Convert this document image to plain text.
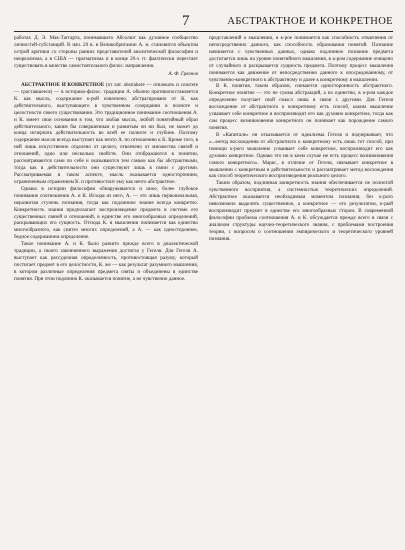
7	АБСТРАКТНОЕ И КОНКРЕТНОЕ

работах Д. Э. Мак-Таггарта, понимавшего Абсолют как духовное сообщество личностей-субстанций. В нач. 20 в. в Великобритании А. н. становится объектом острой критики со стороны ранних представителей аналитической философии и неореализма, а в США — прагматизма и в конце 20-х гг. фактически перестает существовать в качестве самостоятельного филос. направления.

А. Ф. Грязнов

АБСТРАКТНОЕ И КОНКРЕТНОЕ (от лат. abstrahere — отвлекать и concrete — сраставшееся) — в историко-филос. традиции А. обычно противопоставляется К. как мысль, содержание к-рой извлечено, абстрагировано от К. как действительного, выступающего в чувственном созерцании в полноте и целостности своего существования. Это традиционное понимание соотношения А. и К. имеет свои основания в том, что любая мысль, любой понятийный образ действительного, каким бы совершенным и развитым он ни был, не может до конца исчерпать действительность во всей ее полноте и глубине. Поэтому содержание мысли всегда выступает как нечто А. по отношению к К. Кроме того, в ней лишь искусственно отделено от целого, отвлечено от множества связей и отношений, одно или несколько свойств. Они отображаются в понятии, рассматриваются сами по себе и оказываются тем самым как бы абстрактными, тогда как в действительности они существуют лишь в связи с другими. Рассматриваемая в таком аспекте, мысль оказывается односторонним, ограниченным отражением К. и противостоит ему как нечто абстрактное.

Однако в истории философии обнаруживается и иное, более глубокое понимание соотношения А. и К. Исходя из него, А. — это лишь первоначальная, неразвитая ступень познания, тогда как подлинное знание всегда конкретно. Конкретность знания предполагает воспроизведение предмета в системе его существенных связей и отношений, в единстве его многообразных определений, раскрывающих его сущность. Отсюда К. в мышлении понимается как единство многообразного, как синтез многих определений, а А. — как одностороннее, бедное содержанием определение.

Такое понимание А. и К. было развито прежде всего в диалектической традиции, а своего законченного выражения достигло у Гегеля. Для Гегеля А. выступает как рассудочная определенность, противостоящая разуму, который постигает предмет в его целостности, К. же — как результат разумного мышления, в котором различные определения предмета сняты и объединены в единстве понятия. При этом подлинно К. оказывается понятие, а не чувственно данное.

представлений о мышлении, в к-рое понимается как способность отвлечения от непосредственно данного, как способность образования понятий. Познание начинается с чувственных данных, однако подлинное познание предмета достигается лишь на уровне понятийного мышления, в к-ром содержание очищено от случайного и раскрывается сущность предмета. Поэтому процесс мышления понимается как движение от непосредственно данного к опосредованному, от чувственно-конкретного к абстрактному и далее к конкретному в мышлении.

В К. понятия, таким образом, снимается односторонность абстрактного. Конкретное понятие — это не сумма абстракций, а их единство, в к-ром каждое определение получает свой смысл лишь в связи с другими. Для Гегеля восхождение от абстрактного к конкретному есть способ, каким мышление усваивает себе конкретное и воспроизводит его как духовно конкретное, тогда как сам процесс возникновения конкретного он понимает как порождение самого понятия.

В «Капитале» он отказывается от идеализма Гегеля и подчеркивает, что «...метод восхождения от абстрактного к конкретному есть лишь тот способ, при помощи к-рого мышление усваивает себе конкретное, воспроизводит его как духовно конкретное. Однако это ни в коем случае не есть процесс возникновения самого конкретного». Маркс, в отличие от Гегеля, связывает конкретное в мышлении с конкретным в действительности и рассматривает метод восхождения как способ теоретического воспроизведения реального целого.

Таким образом, подлинная конкретность знания обеспечивается не полнотой чувственного восприятия, а системностью теоретических определений. Абстрактное оказывается необходимым моментом познания, без к-рого невозможно выделить существенное, а конкретное — его результатом, к-рый воспроизводит предмет в единстве его многообразных сторон. В современной философии проблема соотношения А. и К. обсуждается прежде всего в связи с анализом структуры научно-теоретического знания, с проблемами построения теории, с вопросом о соотношении эмпирического и теоретического уровней познания.
